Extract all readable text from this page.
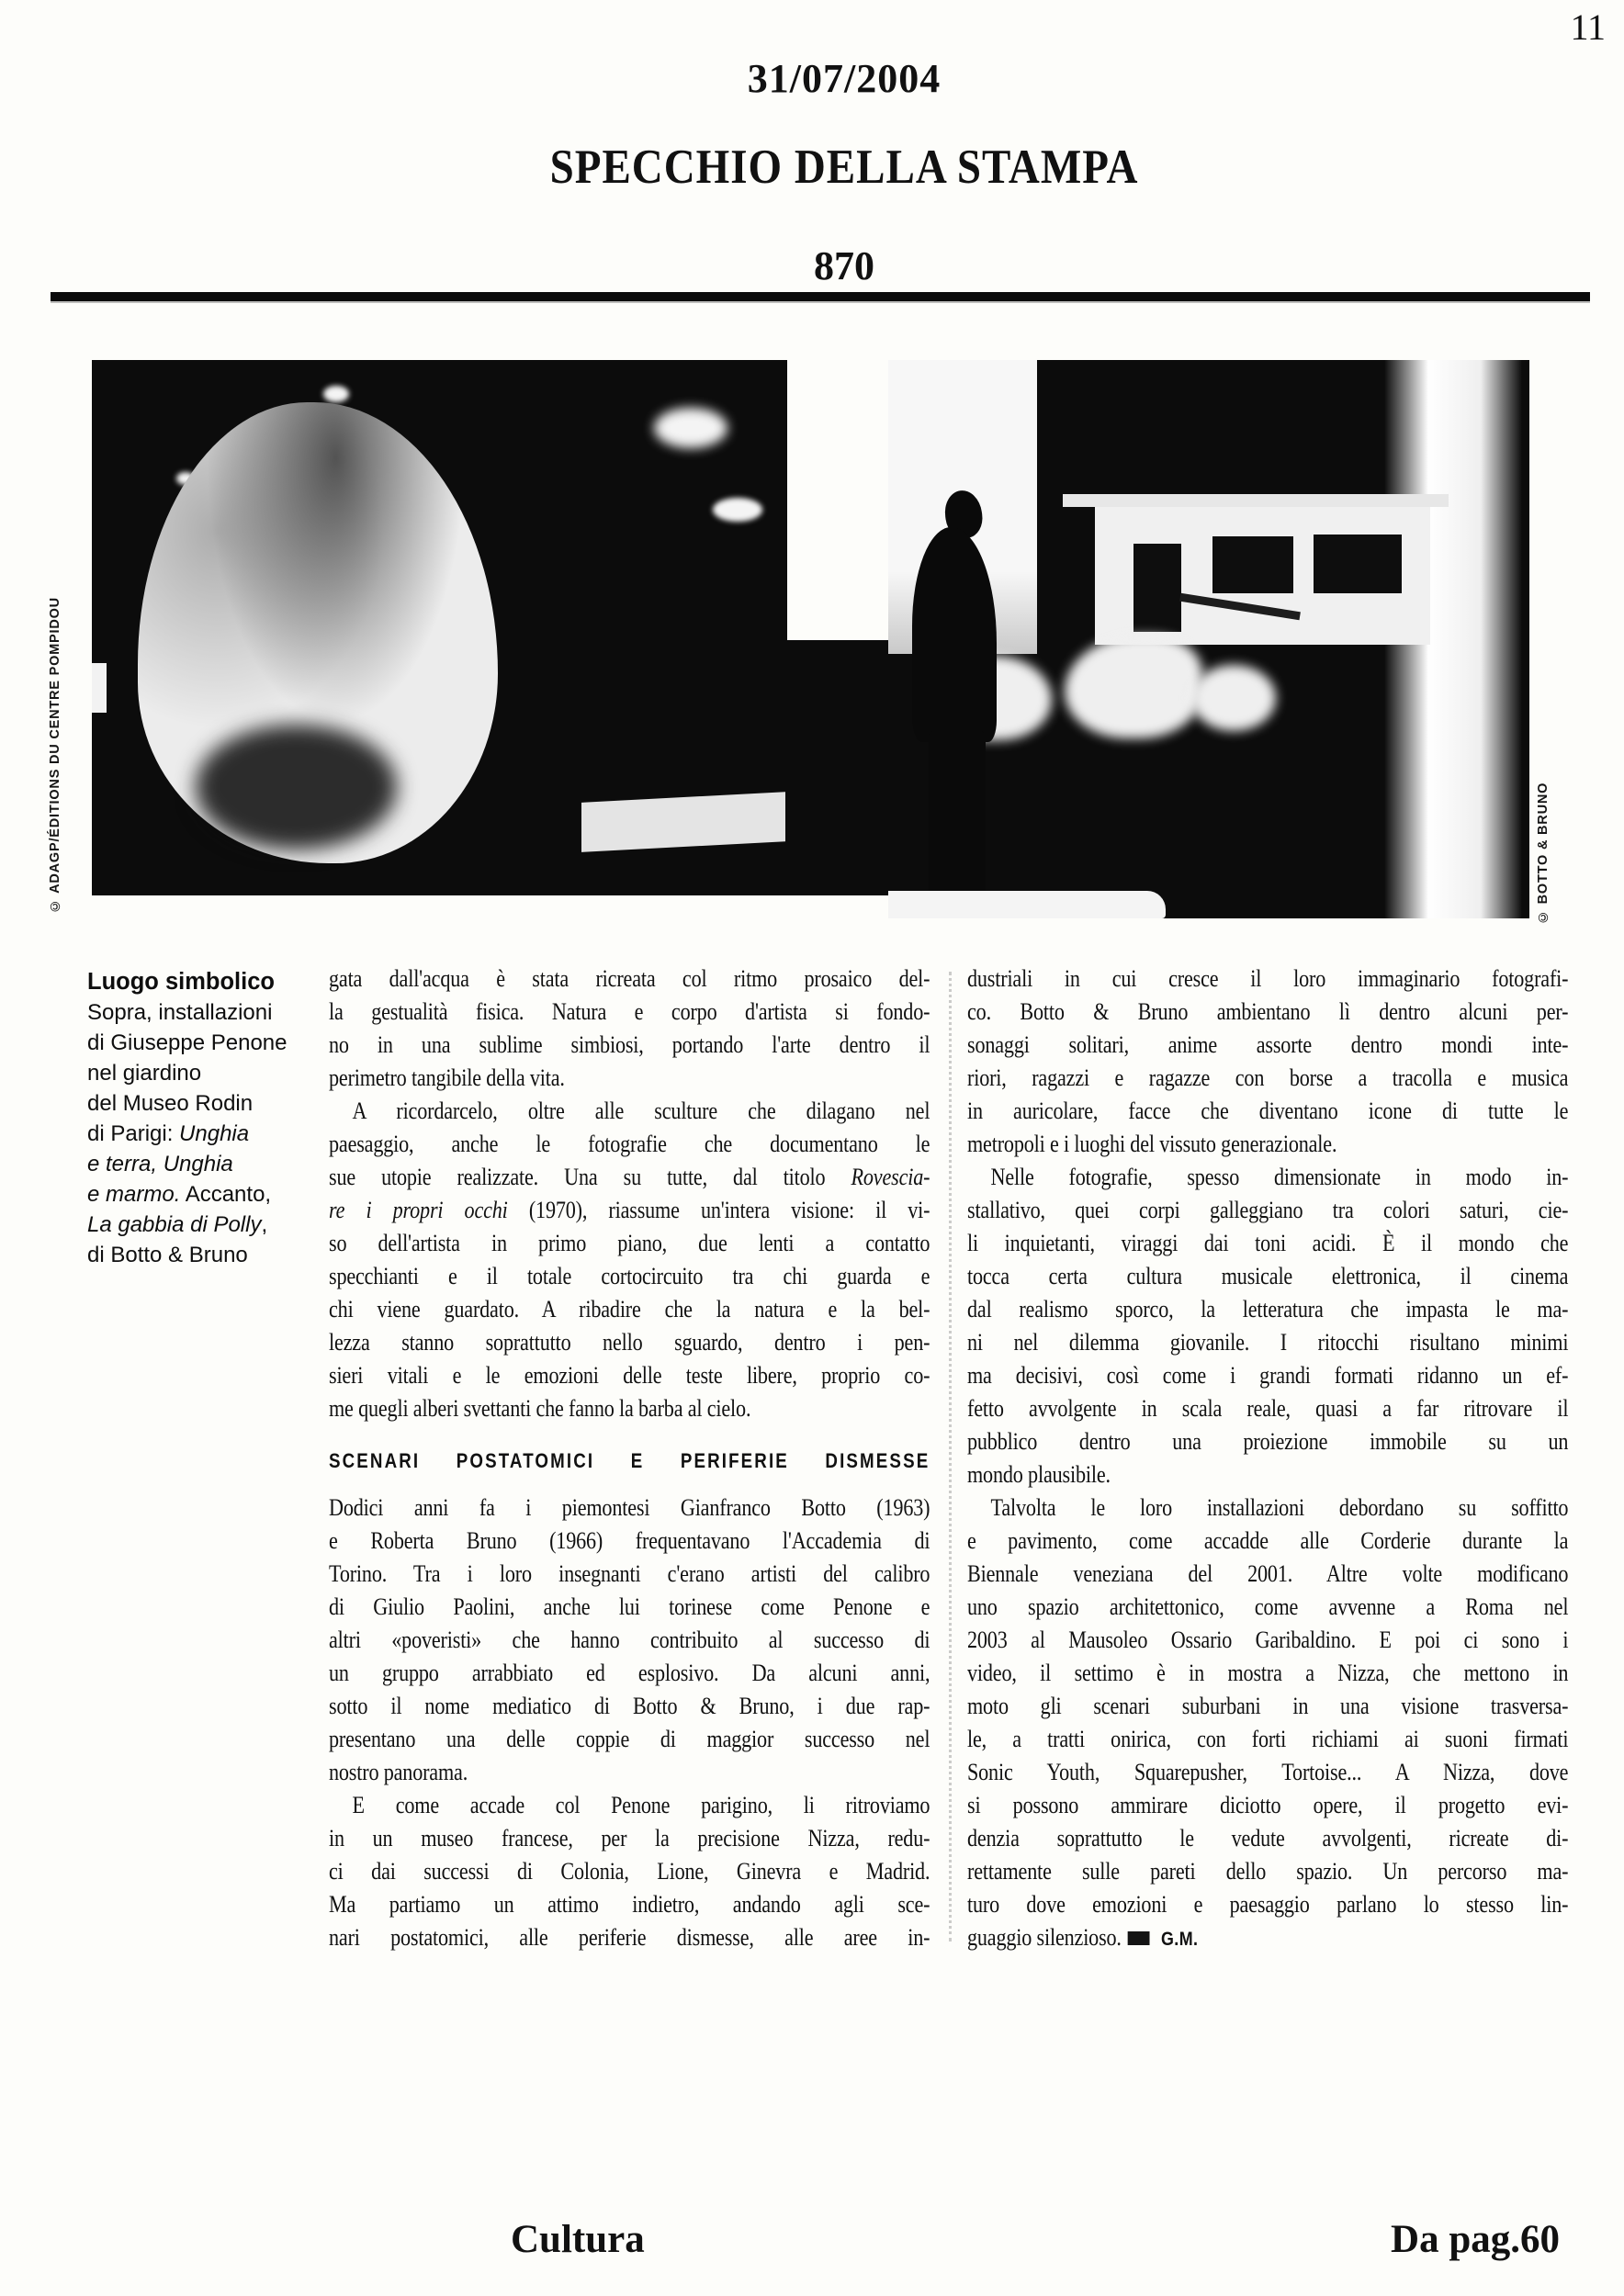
11
31/07/2004
SPECCHIO DELLA STAMPA
870
© ADAGP/ÉDITIONS DU CENTRE POMPIDOU	© BOTTO & BRUNO
Luogo simbolico
Sopra, installazioni
di Giuseppe Penone
nel giardino
del Museo Rodin
di Parigi: Unghia
e terra, Unghia
e marmo. Accanto,
La gabbia di Polly,
di Botto & Bruno
gata dall'acqua è stata ricreata col ritmo prosaico del-
la gestualità fisica. Natura e corpo d'artista si fondo-
no in una sublime simbiosi, portando l'arte dentro il
perimetro tangibile della vita.
A ricordarcelo, oltre alle sculture che dilagano nel
paesaggio, anche le fotografie che documentano le
sue utopie realizzate. Una su tutte, dal titolo Rovescia-
re i propri occhi (1970), riassume un'intera visione: il vi-
so dell'artista in primo piano, due lenti a contatto
specchianti e il totale cortocircuito tra chi guarda e
chi viene guardato. A ribadire che la natura e la bel-
lezza stanno soprattutto nello sguardo, dentro i pen-
sieri vitali e le emozioni delle teste libere, proprio co-
me quegli alberi svettanti che fanno la barba al cielo.
SCENARI POSTATOMICI E PERIFERIE DISMESSE
Dodici anni fa i piemontesi Gianfranco Botto (1963)
e Roberta Bruno (1966) frequentavano l'Accademia di
Torino. Tra i loro insegnanti c'erano artisti del calibro
di Giulio Paolini, anche lui torinese come Penone e
altri «poveristi» che hanno contribuito al successo di
un gruppo arrabbiato ed esplosivo. Da alcuni anni,
sotto il nome mediatico di Botto & Bruno, i due rap-
presentano una delle coppie di maggior successo nel
nostro panorama.
E come accade col Penone parigino, li ritroviamo
in un museo francese, per la precisione Nizza, redu-
ci dai successi di Colonia, Lione, Ginevra e Madrid.
Ma partiamo un attimo indietro, andando agli sce-
nari postatomici, alle periferie dismesse, alle aree in-
dustriali in cui cresce il loro immaginario fotografi-
co. Botto & Bruno ambientano lì dentro alcuni per-
sonaggi solitari, anime assorte dentro mondi inte-
riori, ragazzi e ragazze con borse a tracolla e musica
in auricolare, facce che diventano icone di tutte le
metropoli e i luoghi del vissuto generazionale.
Nelle fotografie, spesso dimensionate in modo in-
stallativo, quei corpi galleggiano tra colori saturi, cie-
li inquietanti, viraggi dai toni acidi. È il mondo che
tocca certa cultura musicale elettronica, il cinema
dal realismo sporco, la letteratura che impasta le ma-
ni nel dilemma giovanile. I ritocchi risultano minimi
ma decisivi, così come i grandi formati ridanno un ef-
fetto avvolgente in scala reale, quasi a far ritrovare il
pubblico dentro una proiezione immobile su un
mondo plausibile.
Talvolta le loro installazioni debordano su soffitto
e pavimento, come accadde alle Corderie durante la
Biennale veneziana del 2001. Altre volte modificano
uno spazio architettonico, come avvenne a Roma nel
2003 al Mausoleo Ossario Garibaldino. E poi ci sono i
video, il settimo è in mostra a Nizza, che mettono in
moto gli scenari suburbani in una visione trasversa-
le, a tratti onirica, con forti richiami ai suoni firmati
Sonic Youth, Squarepusher, Tortoise... A Nizza, dove
si possono ammirare diciotto opere, il progetto evi-
denzia soprattutto le vedute avvolgenti, ricreate di-
rettamente sulle pareti dello spazio. Un percorso ma-
turo dove emozioni e paesaggio parlano lo stesso lin-
guaggio silenzioso.  G.M.
Cultura	Da pag.60
